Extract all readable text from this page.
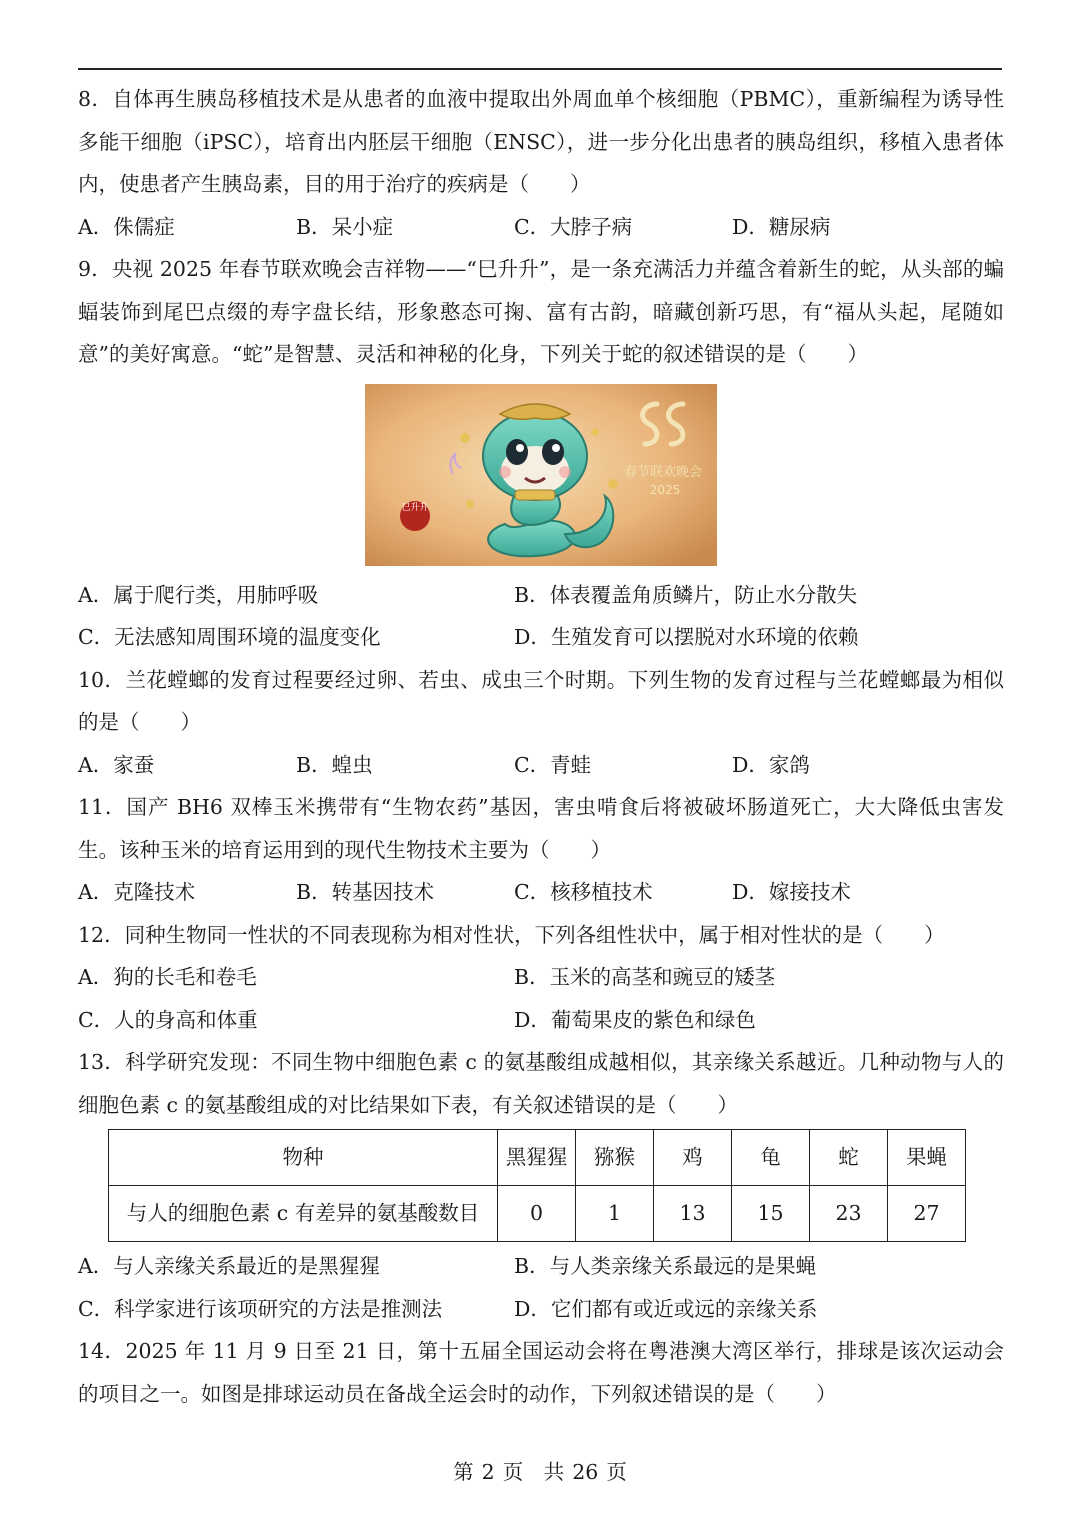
8．自体再生胰岛移植技术是从患者的血液中提取出外周血单个核细胞（PBMC），重新编程为诱导性多能干细胞（iPSC），培育出内胚层干细胞（ENSC），进一步分化出患者的胰岛组织，移植入患者体内，使患者产生胰岛素，目的用于治疗的疾病是（　　）

A．侏儒症	B．呆小症	C．大脖子病	D．糖尿病

9．央视 2025 年春节联欢晚会吉祥物——“巳升升”，是一条充满活力并蕴含着新生的蛇，从头部的蝙蝠装饰到尾巴点缀的寿字盘长结，形象憨态可掬、富有古韵，暗藏创新巧思，有“福从头起，尾随如意”的美好寓意。“蛇”是智慧、灵活和神秘的化身，下列关于蛇的叙述错误的是（　　）

春节联欢晚会
2025
巳升升
A．属于爬行类，用肺呼吸	B．体表覆盖角质鳞片，防止水分散失
C．无法感知周围环境的温度变化	D．生殖发育可以摆脱对水环境的依赖

10．兰花螳螂的发育过程要经过卵、若虫、成虫三个时期。下列生物的发育过程与兰花螳螂最为相似的是（　　）

A．家蚕	B．蝗虫	C．青蛙	D．家鸽

11．国产 BH6 双棒玉米携带有“生物农药”基因，害虫啃食后将被破坏肠道死亡，大大降低虫害发生。该种玉米的培育运用到的现代生物技术主要为（　　）

A．克隆技术	B．转基因技术	C．核移植技术	D．嫁接技术

12．同种生物同一性状的不同表现称为相对性状，下列各组性状中，属于相对性状的是（　　）

A．狗的长毛和卷毛	B．玉米的高茎和豌豆的矮茎
C．人的身高和体重	D．葡萄果皮的紫色和绿色

13．科学研究发现：不同生物中细胞色素 c 的氨基酸组成越相似，其亲缘关系越近。几种动物与人的细胞色素 c 的氨基酸组成的对比结果如下表，有关叙述错误的是（　　）

物种	黑猩猩	猕猴	鸡	龟	蛇	果蝇
与人的细胞色素 c 有差异的氨基酸数目	0	1	13	15	23	27
A．与人亲缘关系最近的是黑猩猩	B．与人类亲缘关系最远的是果蝇
C．科学家进行该项研究的方法是推测法	D．它们都有或近或远的亲缘关系

14．2025 年 11 月 9 日至 21 日，第十五届全国运动会将在粤港澳大湾区举行，排球是该次运动会的项目之一。如图是排球运动员在备战全运会时的动作，下列叙述错误的是（　　）

第 2 页　共 26 页
